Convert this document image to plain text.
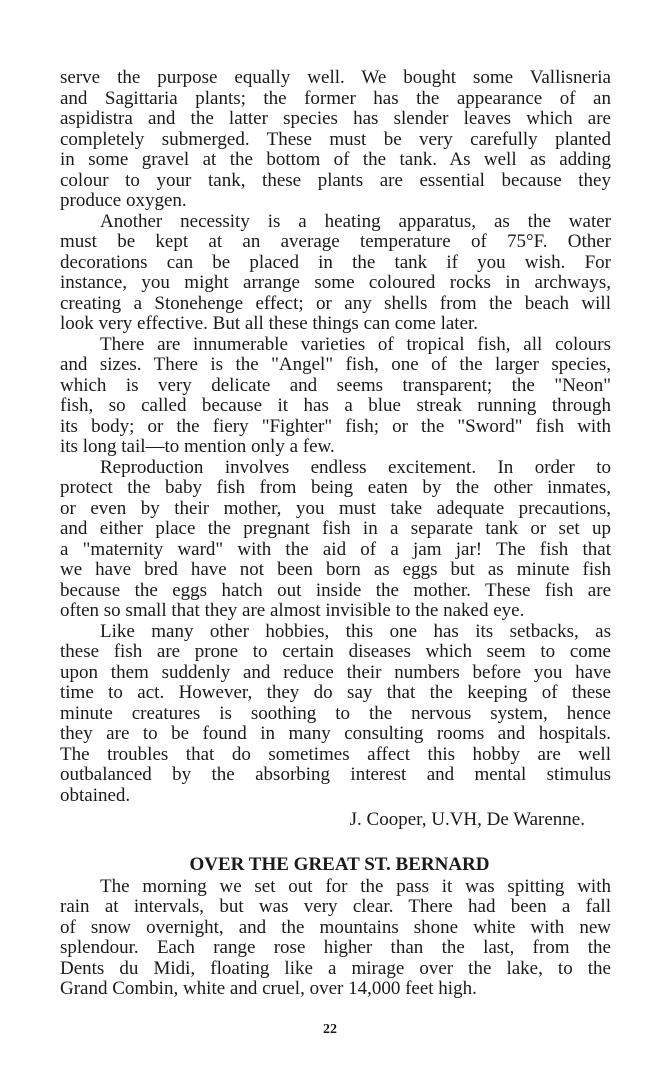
serve the purpose equally well. We bought some Vallisneria
and Sagittaria plants; the former has the appearance of an
aspidistra and the latter species has slender leaves which are
completely submerged. These must be very carefully planted
in some gravel at the bottom of the tank. As well as adding
colour to your tank, these plants are essential because they
produce oxygen.
Another necessity is a heating apparatus, as the water
must be kept at an average temperature of 75°F. Other
decorations can be placed in the tank if you wish. For
instance, you might arrange some coloured rocks in archways,
creating a Stonehenge effect; or any shells from the beach will
look very effective. But all these things can come later.
There are innumerable varieties of tropical fish, all colours
and sizes. There is the "Angel" fish, one of the larger species,
which is very delicate and seems transparent; the "Neon"
fish, so called because it has a blue streak running through
its body; or the fiery "Fighter" fish; or the "Sword" fish with
its long tail—to mention only a few.
Reproduction involves endless excitement. In order to
protect the baby fish from being eaten by the other inmates,
or even by their mother, you must take adequate precautions,
and either place the pregnant fish in a separate tank or set up
a "maternity ward" with the aid of a jam jar! The fish that
we have bred have not been born as eggs but as minute fish
because the eggs hatch out inside the mother. These fish are
often so small that they are almost invisible to the naked eye.
Like many other hobbies, this one has its setbacks, as
these fish are prone to certain diseases which seem to come
upon them suddenly and reduce their numbers before you have
time to act. However, they do say that the keeping of these
minute creatures is soothing to the nervous system, hence
they are to be found in many consulting rooms and hospitals.
The troubles that do sometimes affect this hobby are well
outbalanced by the absorbing interest and mental stimulus
obtained.
J. Cooper, U.VH, De Warenne.
OVER THE GREAT ST. BERNARD
The morning we set out for the pass it was spitting with
rain at intervals, but was very clear. There had been a fall
of snow overnight, and the mountains shone white with new
splendour. Each range rose higher than the last, from the
Dents du Midi, floating like a mirage over the lake, to the
Grand Combin, white and cruel, over 14,000 feet high.
22
